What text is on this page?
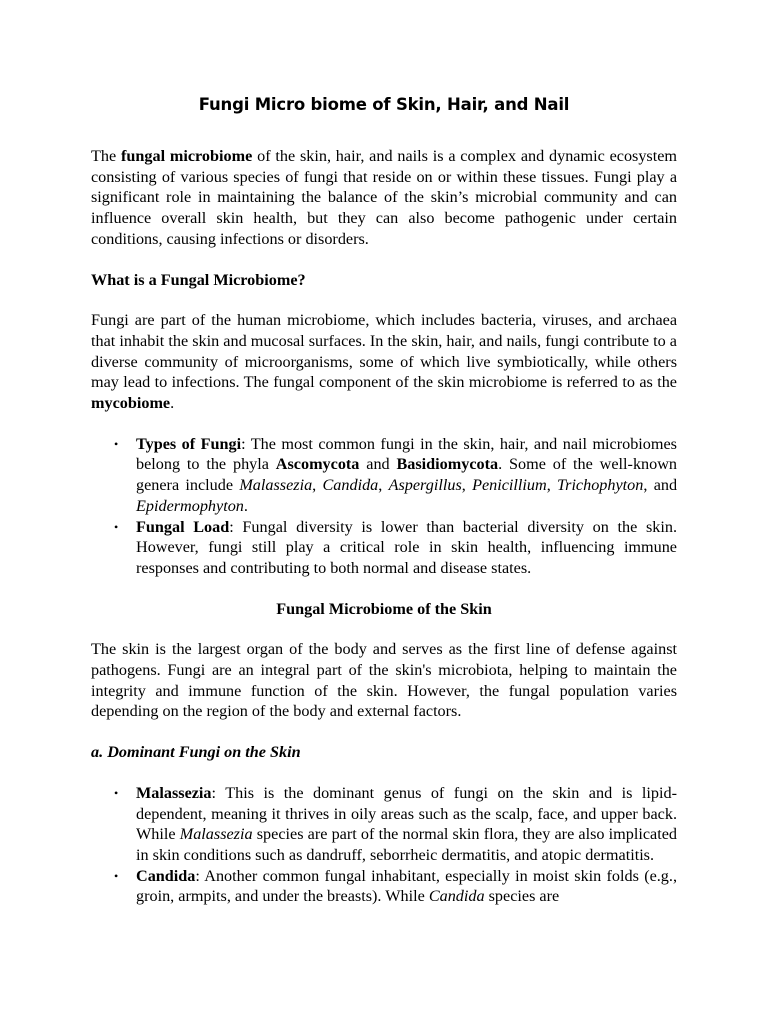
Fungi Micro biome of Skin, Hair, and Nail

The fungal microbiome of the skin, hair, and nails is a complex and dynamic ecosystem consisting of various species of fungi that reside on or within these tissues. Fungi play a significant role in maintaining the balance of the skin’s microbial community and can influence overall skin health, but they can also become pathogenic under certain conditions, causing infections or disorders.

What is a Fungal Microbiome?

Fungi are part of the human microbiome, which includes bacteria, viruses, and archaea that inhabit the skin and mucosal surfaces. In the skin, hair, and nails, fungi contribute to a diverse community of microorganisms, some of which live symbiotically, while others may lead to infections. The fungal component of the skin microbiome is referred to as the mycobiome.

• Types of Fungi: The most common fungi in the skin, hair, and nail microbiomes belong to the phyla Ascomycota and Basidiomycota. Some of the well-known genera include Malassezia, Candida, Aspergillus, Penicillium, Trichophyton, and Epidermophyton.
• Fungal Load: Fungal diversity is lower than bacterial diversity on the skin. However, fungi still play a critical role in skin health, influencing immune responses and contributing to both normal and disease states.
Fungal Microbiome of the Skin

The skin is the largest organ of the body and serves as the first line of defense against pathogens. Fungi are an integral part of the skin's microbiota, helping to maintain the integrity and immune function of the skin. However, the fungal population varies depending on the region of the body and external factors.

a. Dominant Fungi on the Skin
• Malassezia: This is the dominant genus of fungi on the skin and is lipid-dependent, meaning it thrives in oily areas such as the scalp, face, and upper back. While Malassezia species are part of the normal skin flora, they are also implicated in skin conditions such as dandruff, seborrheic dermatitis, and atopic dermatitis.
• Candida: Another common fungal inhabitant, especially in moist skin folds (e.g., groin, armpits, and under the breasts). While Candida species are
